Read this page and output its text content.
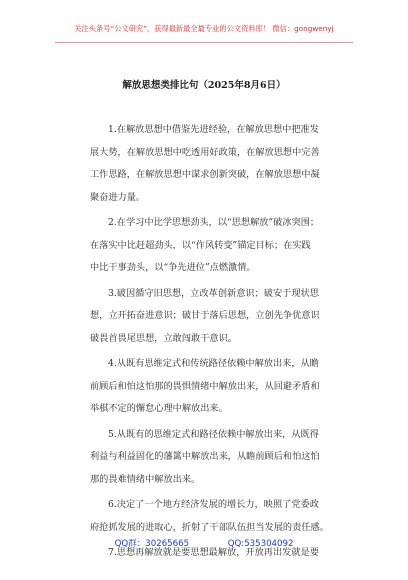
关注头条号“公文研究”，获得最新最全最专业的公文资料库！ 微信：gongwenyj
解放思想类排比句（2025年8月6日）
1.在解放思想中借鉴先进经验，在解放思想中把准发
展大势，在解放思想中吃透用好政策，在解放思想中完善
工作思路，在解放思想中谋求创新突破，在解放思想中凝
聚奋进力量。
2.在学习中比学思想劲头，以“思想解放”破冰突围；
在落实中比赶超劲头，以“作风转变”锚定目标；在实践
中比干事劲头，以“争先进位”点燃激情。
3.破因循守旧思想，立改革创新意识；破安于现状思
想，立开拓奋进意识；破甘于落后思想，立创先争优意识
破畏首畏尾思想，立敢闯敢干意识。
4.从既有思维定式和传统路径依赖中解放出来，从瞻
前顾后和怕这怕那的畏惧情绪中解放出来，从回避矛盾和
举棋不定的懈怠心理中解放出来。
5.从既有的思维定式和路径依赖中解放出来，从既得
利益与利益固化的藩篱中解放出来，从瞻前顾后和怕这怕
那的畏难情绪中解放出来。
6.决定了一个地方经济发展的增长力，映照了党委政
府抢抓发展的进取心，折射了干部队伍担当发展的责任感。
7.思想再解放就是要思想最解放，开放再出发就是要
QQ群：30265665	QQ:535304092
